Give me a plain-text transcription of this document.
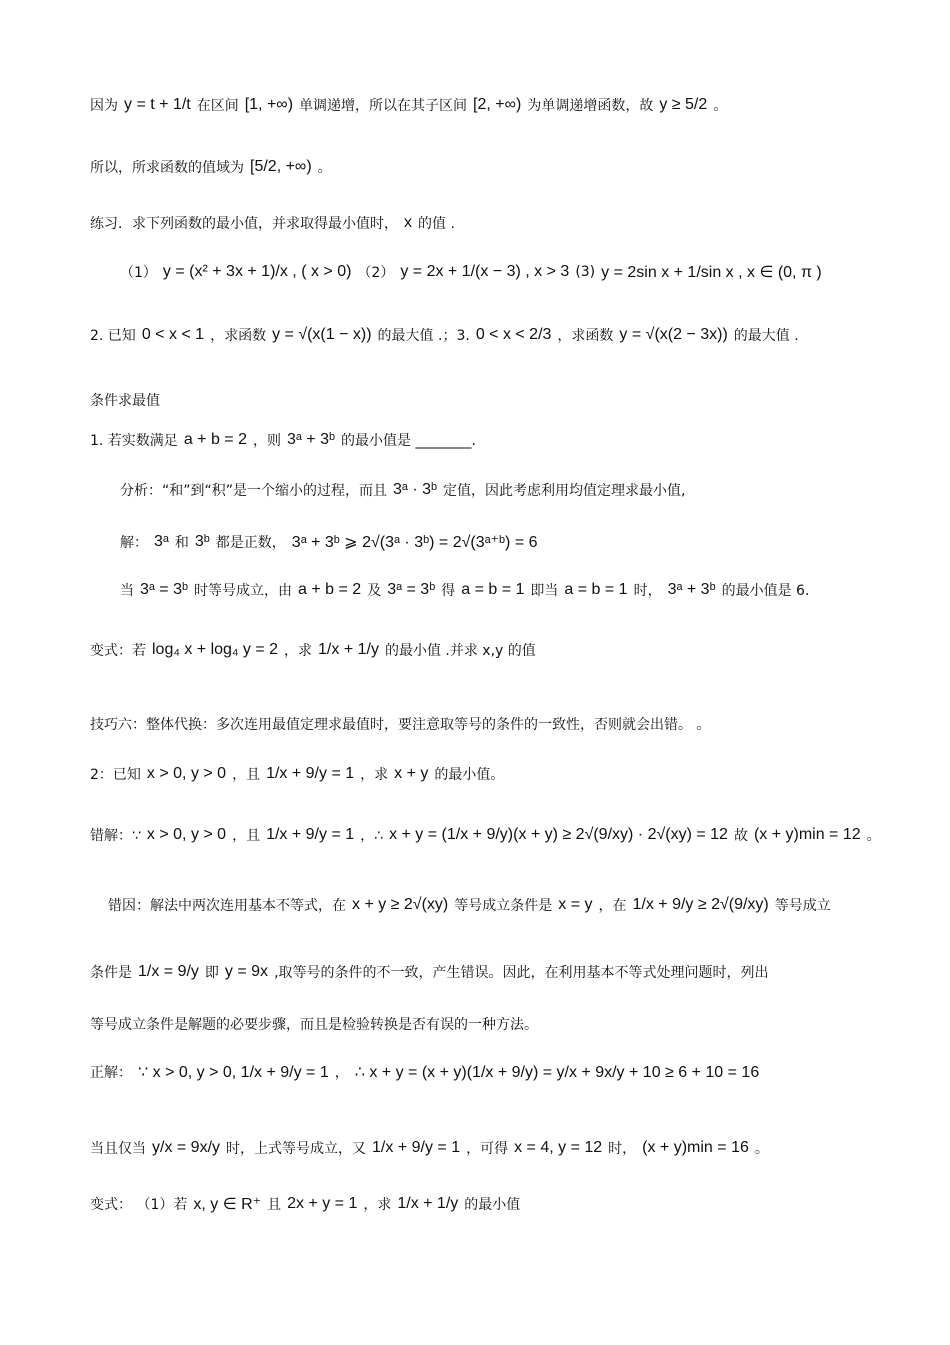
因为 y = t + 1/t 在区间 [1, +∞) 单调递增，所以在其子区间 [2, +∞) 为单调递增函数，故 y ≥ 5/2 。
所以，所求函数的值域为 [5/2, +∞) 。
练习．求下列函数的最小值，并求取得最小值时， x 的值 .
（1） y = (x² + 3x + 1)/x , ( x > 0) （2） y = 2x + 1/(x − 3) , x > 3 (3) y = 2sin x + 1/sin x , x ∈ (0, π )
2. 已知 0 < x < 1 ，求函数 y = √(x(1 − x)) 的最大值 .；3. 0 < x < 2/3 ，求函数 y = √(x(2 − 3x)) 的最大值 .
条件求最值
1. 若实数满足 a + b = 2 ，则 3ᵃ + 3ᵇ 的最小值是 ________.
分析：“和”到“积”是一个缩小的过程，而且 3ᵃ · 3ᵇ 定值，因此考虑利用均值定理求最小值,
解： 3ᵃ 和 3ᵇ 都是正数， 3ᵃ + 3ᵇ ⩾ 2√(3ᵃ · 3ᵇ) = 2√(3ᵃ⁺ᵇ) = 6
当 3ᵃ = 3ᵇ 时等号成立，由 a + b = 2 及 3ᵃ = 3ᵇ 得 a = b = 1 即当 a = b = 1 时， 3ᵃ + 3ᵇ 的最小值是 6.
变式：若 log₄ x + log₄ y = 2 ，求 1/x + 1/y 的最小值 .并求 x,y 的值
技巧六：整体代换：多次连用最值定理求最值时，要注意取等号的条件的一致性，否则就会出错。 。
2：已知 x > 0, y > 0 ，且 1/x + 9/y = 1 ，求 x + y 的最小值。
错解：∵ x > 0, y > 0 ，且 1/x + 9/y = 1 ，∴ x + y = (1/x + 9/y)(x + y) ≥ 2√(9/xy) · 2√(xy) = 12 故 (x + y)min = 12 。
错因：解法中两次连用基本不等式，在 x + y ≥ 2√(xy) 等号成立条件是 x = y ，在 1/x + 9/y ≥ 2√(9/xy) 等号成立
条件是 1/x = 9/y 即 y = 9x ,取等号的条件的不一致，产生错误。因此，在利用基本不等式处理问题时，列出
等号成立条件是解题的必要步骤，而且是检验转换是否有误的一种方法。
正解： ∵ x > 0, y > 0, 1/x + 9/y = 1 ， ∴ x + y = (x + y)(1/x + 9/y) = y/x + 9x/y + 10 ≥ 6 + 10 = 16
当且仅当 y/x = 9x/y 时，上式等号成立，又 1/x + 9/y = 1 ，可得 x = 4, y = 12 时， (x + y)min = 16 。
变式： （1）若 x, y ∈ R⁺ 且 2x + y = 1 ，求 1/x + 1/y 的最小值
